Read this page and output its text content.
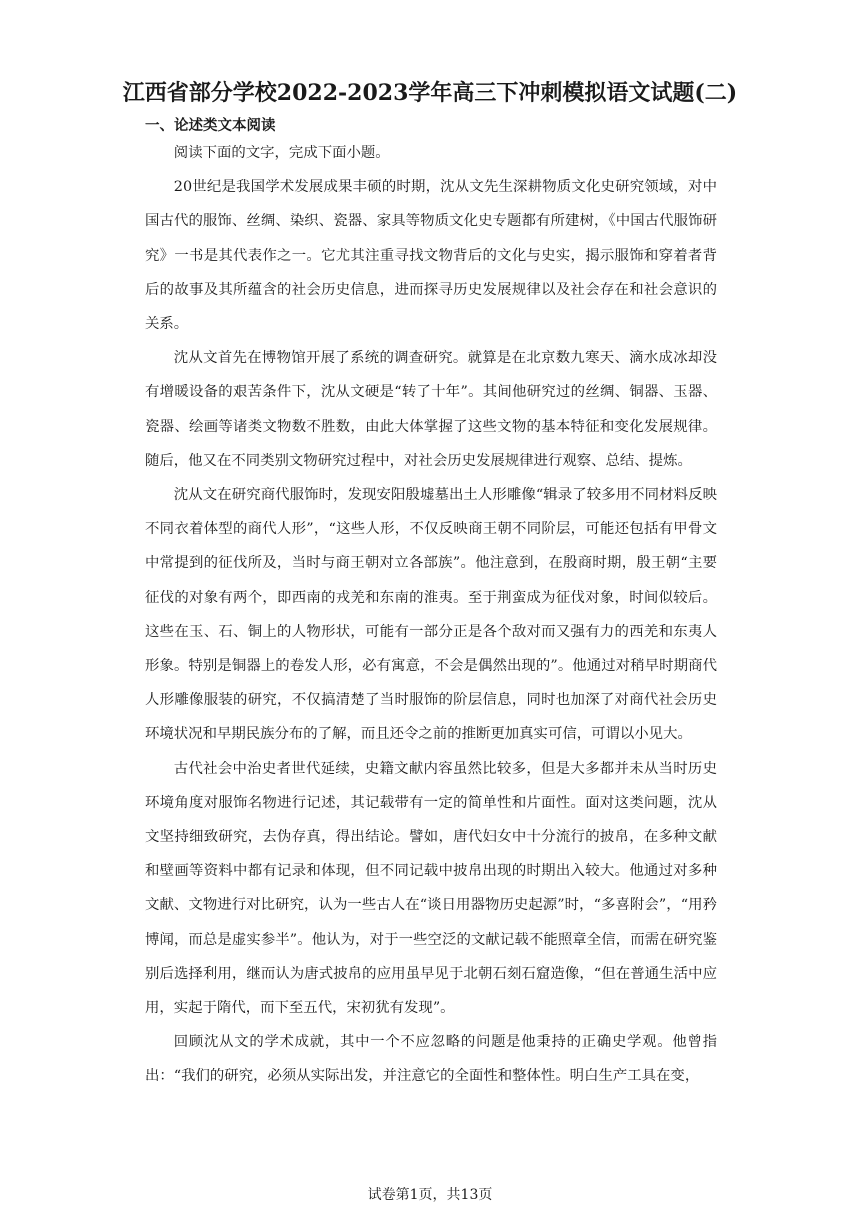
江西省部分学校2022-2023学年高三下冲刺模拟语文试题(二)
一、论述类文本阅读

阅读下面的文字，完成下面小题。

20世纪是我国学术发展成果丰硕的时期，沈从文先生深耕物质文化史研究领域，对中国古代的服饰、丝绸、染织、瓷器、家具等物质文化史专题都有所建树，《中国古代服饰研究》一书是其代表作之一。它尤其注重寻找文物背后的文化与史实，揭示服饰和穿着者背后的故事及其所蕴含的社会历史信息，进而探寻历史发展规律以及社会存在和社会意识的关系。

沈从文首先在博物馆开展了系统的调查研究。就算是在北京数九寒天、滴水成冰却没有增暖设备的艰苦条件下，沈从文硬是“转了十年”。其间他研究过的丝绸、铜器、玉器、瓷器、绘画等诸类文物数不胜数，由此大体掌握了这些文物的基本特征和变化发展规律。随后，他又在不同类别文物研究过程中，对社会历史发展规律进行观察、总结、提炼。

沈从文在研究商代服饰时，发现安阳殷墟墓出土人形雕像“辑录了较多用不同材料反映不同衣着体型的商代人形”，“这些人形，不仅反映商王朝不同阶层，可能还包括有甲骨文中常提到的征伐所及，当时与商王朝对立各部族”。他注意到，在殷商时期，殷王朝“主要征伐的对象有两个，即西南的戎羌和东南的淮夷。至于荆蛮成为征伐对象，时间似较后。这些在玉、石、铜上的人物形状，可能有一部分正是各个敌对而又强有力的西羌和东夷人形象。特别是铜器上的卷发人形，必有寓意，不会是偶然出现的”。他通过对稍早时期商代人形雕像服装的研究，不仅搞清楚了当时服饰的阶层信息，同时也加深了对商代社会历史环境状况和早期民族分布的了解，而且还令之前的推断更加真实可信，可谓以小见大。

古代社会中治史者世代延续，史籍文献内容虽然比较多，但是大多都并未从当时历史环境角度对服饰名物进行记述，其记载带有一定的简单性和片面性。面对这类问题，沈从文坚持细致研究，去伪存真，得出结论。譬如，唐代妇女中十分流行的披帛，在多种文献和壁画等资料中都有记录和体现，但不同记载中披帛出现的时期出入较大。他通过对多种文献、文物进行对比研究，认为一些古人在“谈日用器物历史起源”时，“多喜附会”，“用矜博闻，而总是虚实参半”。他认为，对于一些空泛的文献记载不能照章全信，而需在研究鉴别后选择利用，继而认为唐式披帛的应用虽早见于北朝石刻石窟造像，“但在普通生活中应用，实起于隋代，而下至五代，宋初犹有发现”。

回顾沈从文的学术成就，其中一个不应忽略的问题是他秉持的正确史学观。他曾指出：“我们的研究，必须从实际出发，并注意它的全面性和整体性。明白生产工具在变，

试卷第1页，共13页
